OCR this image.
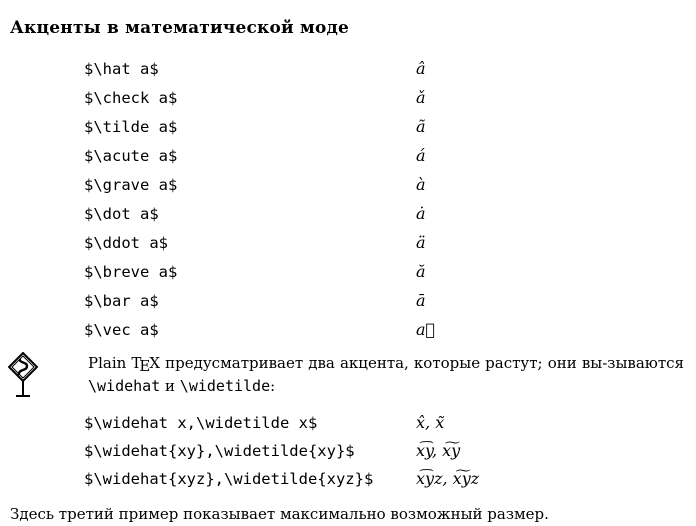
Акценты в математической моде
$\hat a$	â
$\check a$	ǎ
$\tilde a$	ã
$\acute a$	á
$\grave a$	à
$\dot a$	ȧ
$\ddot a$	ä
$\breve a$	ă
$\bar a$	ā
$\vec a$	a⃗
Plain TEX предусматривает два акцента, которые растут; они вы-зываются \widehat и \widetilde:
$\widehat x,\widetilde x$	x̂, x̃
$\widehat{xy},\widetilde{xy}$	x͡y, x͠y
$\widehat{xyz},\widetilde{xyz}$	x͡yz, x͠yz
Здесь третий пример показывает максимально возможный размер.
